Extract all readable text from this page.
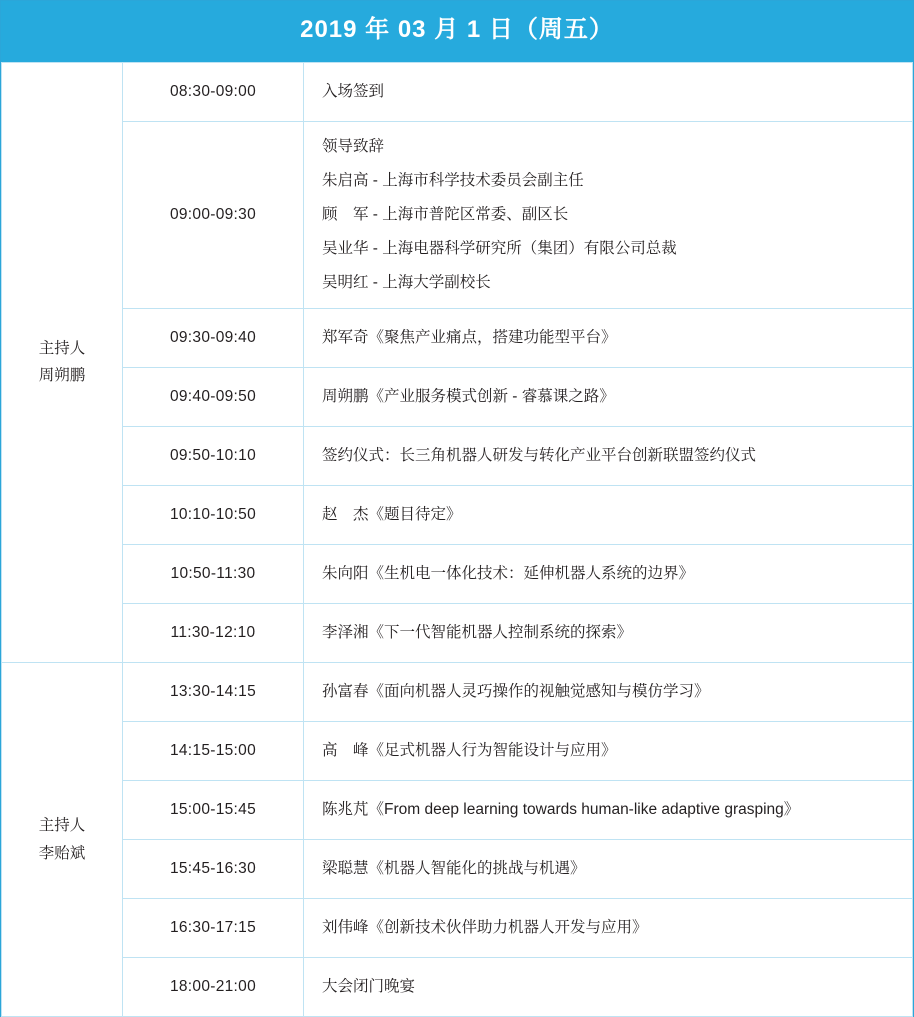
2019 年 03 月 1 日（周五）
主持人
周朔鹏	08:30-09:00	入场签到

	09:00-09:30	领导致辞
朱启高 - 上海市科学技术委员会副主任
顾　军 - 上海市普陀区常委、副区长
吴业华 - 上海电器科学研究所（集团）有限公司总裁
吴明红 - 上海大学副校长

	09:30-09:40	郑军奇《聚焦产业痛点，搭建功能型平台》

	09:40-09:50	周朔鹏《产业服务模式创新 - 睿慕课之路》

	09:50-10:10	签约仪式：长三角机器人研发与转化产业平台创新联盟签约仪式

	10:10-10:50	赵　杰《题目待定》

	10:50-11:30	朱向阳《生机电一体化技术：延伸机器人系统的边界》

	11:30-12:10	李泽湘《下一代智能机器人控制系统的探索》

主持人
李贻斌	13:30-14:15	孙富春《面向机器人灵巧操作的视触觉感知与模仿学习》

	14:15-15:00	高　峰《足式机器人行为智能设计与应用》

	15:00-15:45	陈兆芃《From deep learning towards human-like adaptive grasping》

	15:45-16:30	梁聪慧《机器人智能化的挑战与机遇》

	16:30-17:15	刘伟峰《创新技术伙伴助力机器人开发与应用》

	18:00-21:00	大会闭门晚宴
